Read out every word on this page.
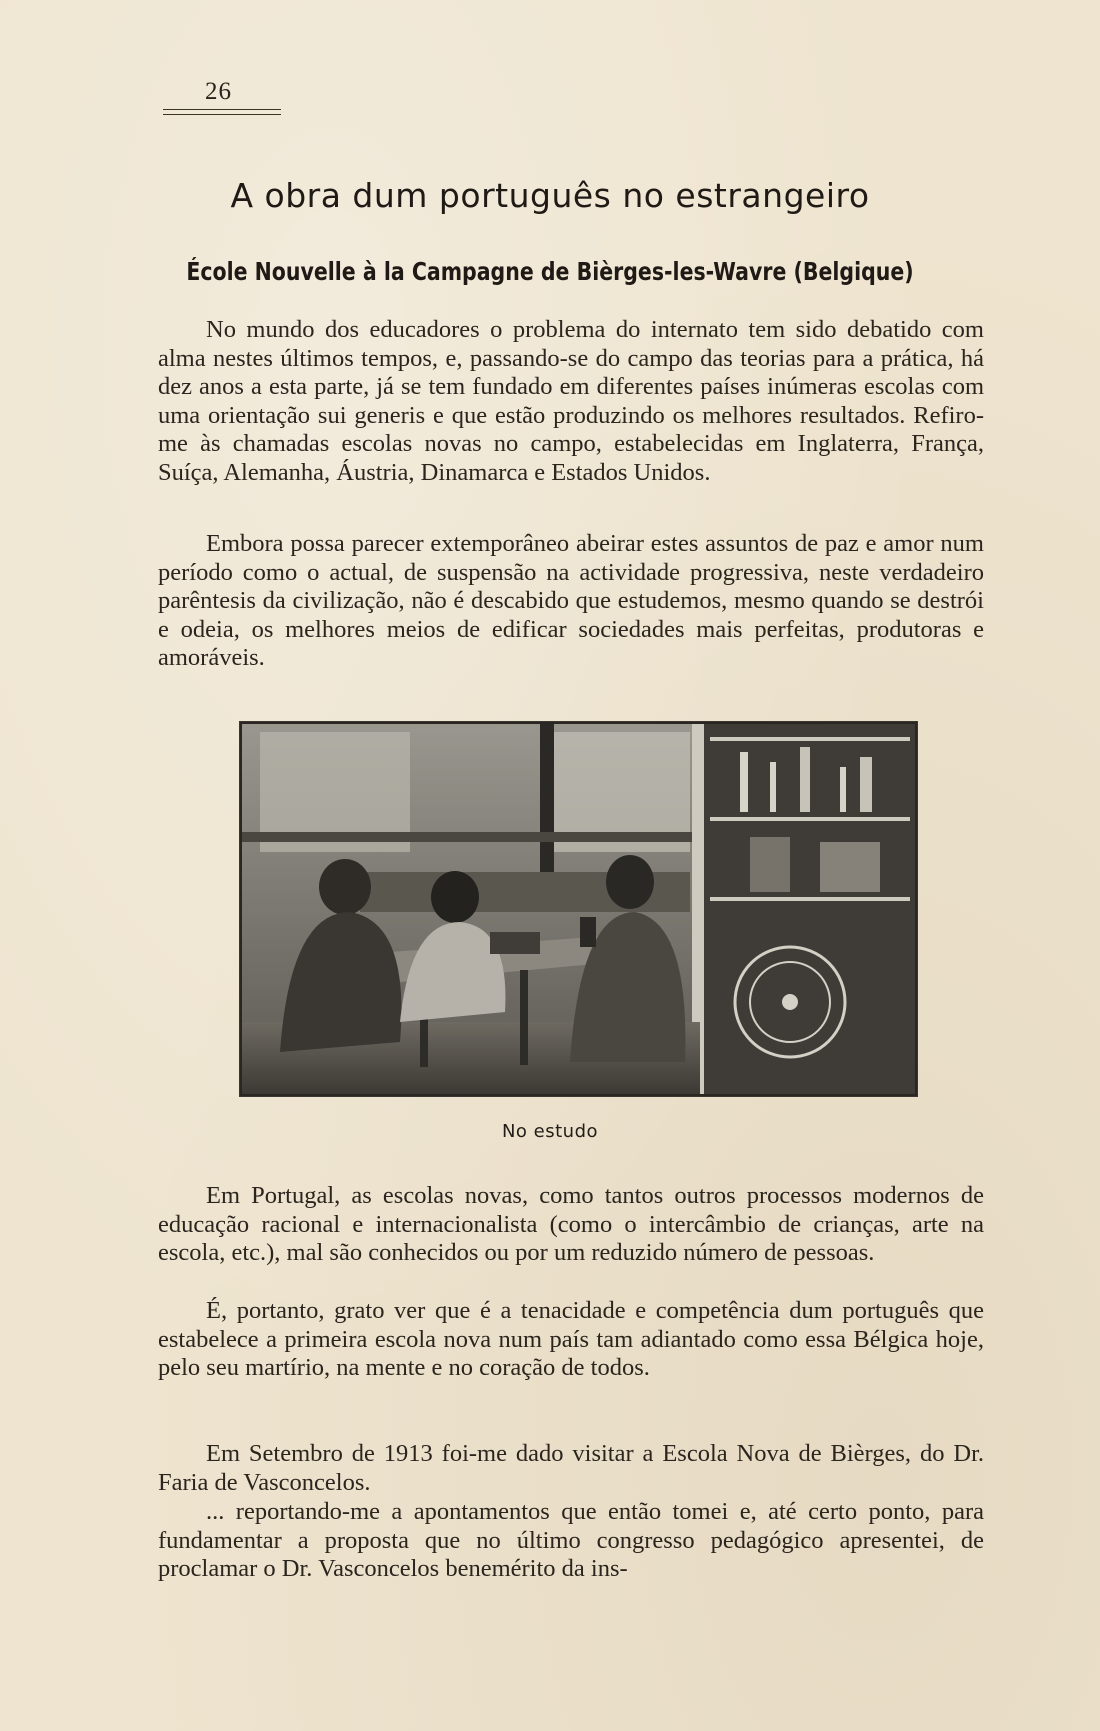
26
A obra dum português no estrangeiro
École Nouvelle à la Campagne de Bièrges-les-Wavre (Belgique)

No mundo dos educadores o problema do internato tem sido debatido com alma nestes últimos tempos, e, passando-se do campo das teorias para a prática, há dez anos a esta parte, já se tem fundado em diferentes países inúmeras escolas com uma orientação sui generis e que estão produzindo os melhores resultados. Refiro-me às chamadas escolas novas no campo, estabelecidas em Inglaterra, França, Suíça, Alemanha, Áustria, Dinamarca e Estados Unidos.

Embora possa parecer extemporâneo abeirar estes assuntos de paz e amor num período como o actual, de suspensão na actividade progressiva, neste verdadeiro parêntesis da civilização, não é descabido que estudemos, mesmo quando se destrói e odeia, os melhores meios de edificar sociedades mais perfeitas, produtoras e amoráveis.

No estudo

Em Portugal, as escolas novas, como tantos outros processos modernos de educação racional e internacionalista (como o intercâmbio de crianças, arte na escola, etc.), mal são conhecidos ou por um reduzido número de pessoas.

É, portanto, grato ver que é a tenacidade e competência dum português que estabelece a primeira escola nova num país tam adiantado como essa Bélgica hoje, pelo seu martírio, na mente e no coração de todos.

Em Setembro de 1913 foi-me dado visitar a Escola Nova de Bièrges, do Dr. Faria de Vasconcelos.

... reportando-me a apontamentos que então tomei e, até certo ponto, para fundamentar a proposta que no último congresso pedagógico apresentei, de proclamar o Dr. Vasconcelos benemérito da ins-
